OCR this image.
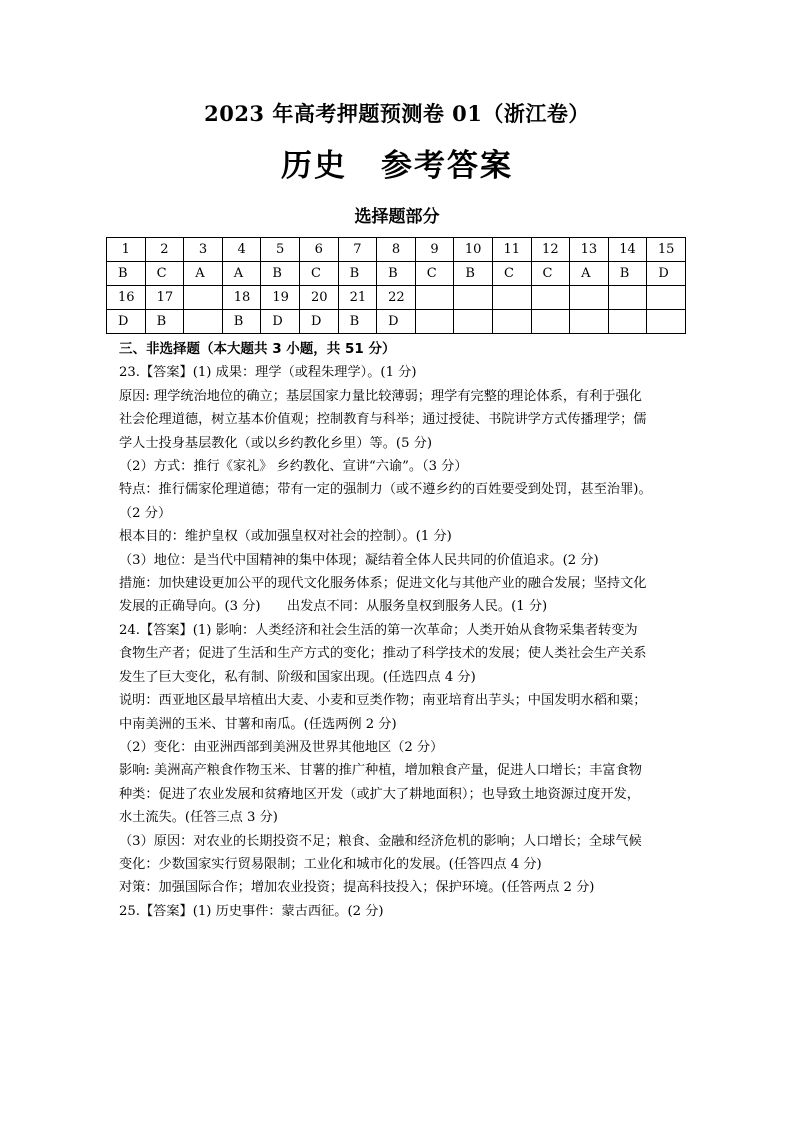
2023 年高考押题预测卷 01（浙江卷）
历史 参考答案
选择题部分
1	2	3	4	5	6	7	8	9	10	11	12	13	14	15
B	C	A	A	B	C	B	B	C	B	C	C	A	B	D
16	17		18	19	20	21	22							
D	B		B	D	D	B	D							

三、非选择题（本大题共 3 小题，共 51 分）

23.【答案】(1) 成果：理学（或程朱理学）。(1 分)

原因: 理学统治地位的确立；基层国家力量比较薄弱；理学有完整的理论体系，有利于强化

社会伦理道德，树立基本价值观；控制教育与科举；通过授徒、书院讲学方式传播理学；儒

学人士投身基层教化（或以乡约教化乡里）等。(5 分)

（2）方式：推行《家礼》 乡约教化、宣讲“六谕”。（3 分）

特点：推行儒家伦理道德；带有一定的强制力（或不遵乡约的百姓要受到处罚，甚至治罪)。

（2 分）

根本目的：维护皇权（或加强皇权对社会的控制）。(1 分)

（3）地位：是当代中国精神的集中体现；凝结着全体人民共同的价值追求。(2 分)

措施：加快建设更加公平的现代文化服务体系；促进文化与其他产业的融合发展；坚持文化

发展的正确导向。(3 分)　　出发点不同：从服务皇权到服务人民。(1 分)

24.【答案】(1) 影响：人类经济和社会生活的第一次革命；人类开始从食物采集者转变为

食物生产者；促进了生活和生产方式的变化；推动了科学技术的发展；使人类社会生产关系

发生了巨大变化，私有制、阶级和国家出现。(任选四点 4 分)

说明：西亚地区最早培植出大麦、小麦和豆类作物；南亚培育出芋头；中国发明水稻和粟；

中南美洲的玉米、甘薯和南瓜。(任选两例 2 分)

（2）变化：由亚洲西部到美洲及世界其他地区（2 分）

影响: 美洲高产粮食作物玉米、甘薯的推广种植，增加粮食产量，促进人口增长；丰富食物

种类：促进了农业发展和贫瘠地区开发（或扩大了耕地面积）；也导致土地资源过度开发，

水土流失。(任答三点 3 分)

（3）原因：对农业的长期投资不足；粮食、金融和经济危机的影响；人口增长；全球气候

变化：少数国家实行贸易限制；工业化和城市化的发展。(任答四点 4 分)

对策：加强国际合作；增加农业投资；提高科技投入；保护环境。(任答两点 2 分)

25.【答案】(1) 历史事件：蒙古西征。(2 分)
